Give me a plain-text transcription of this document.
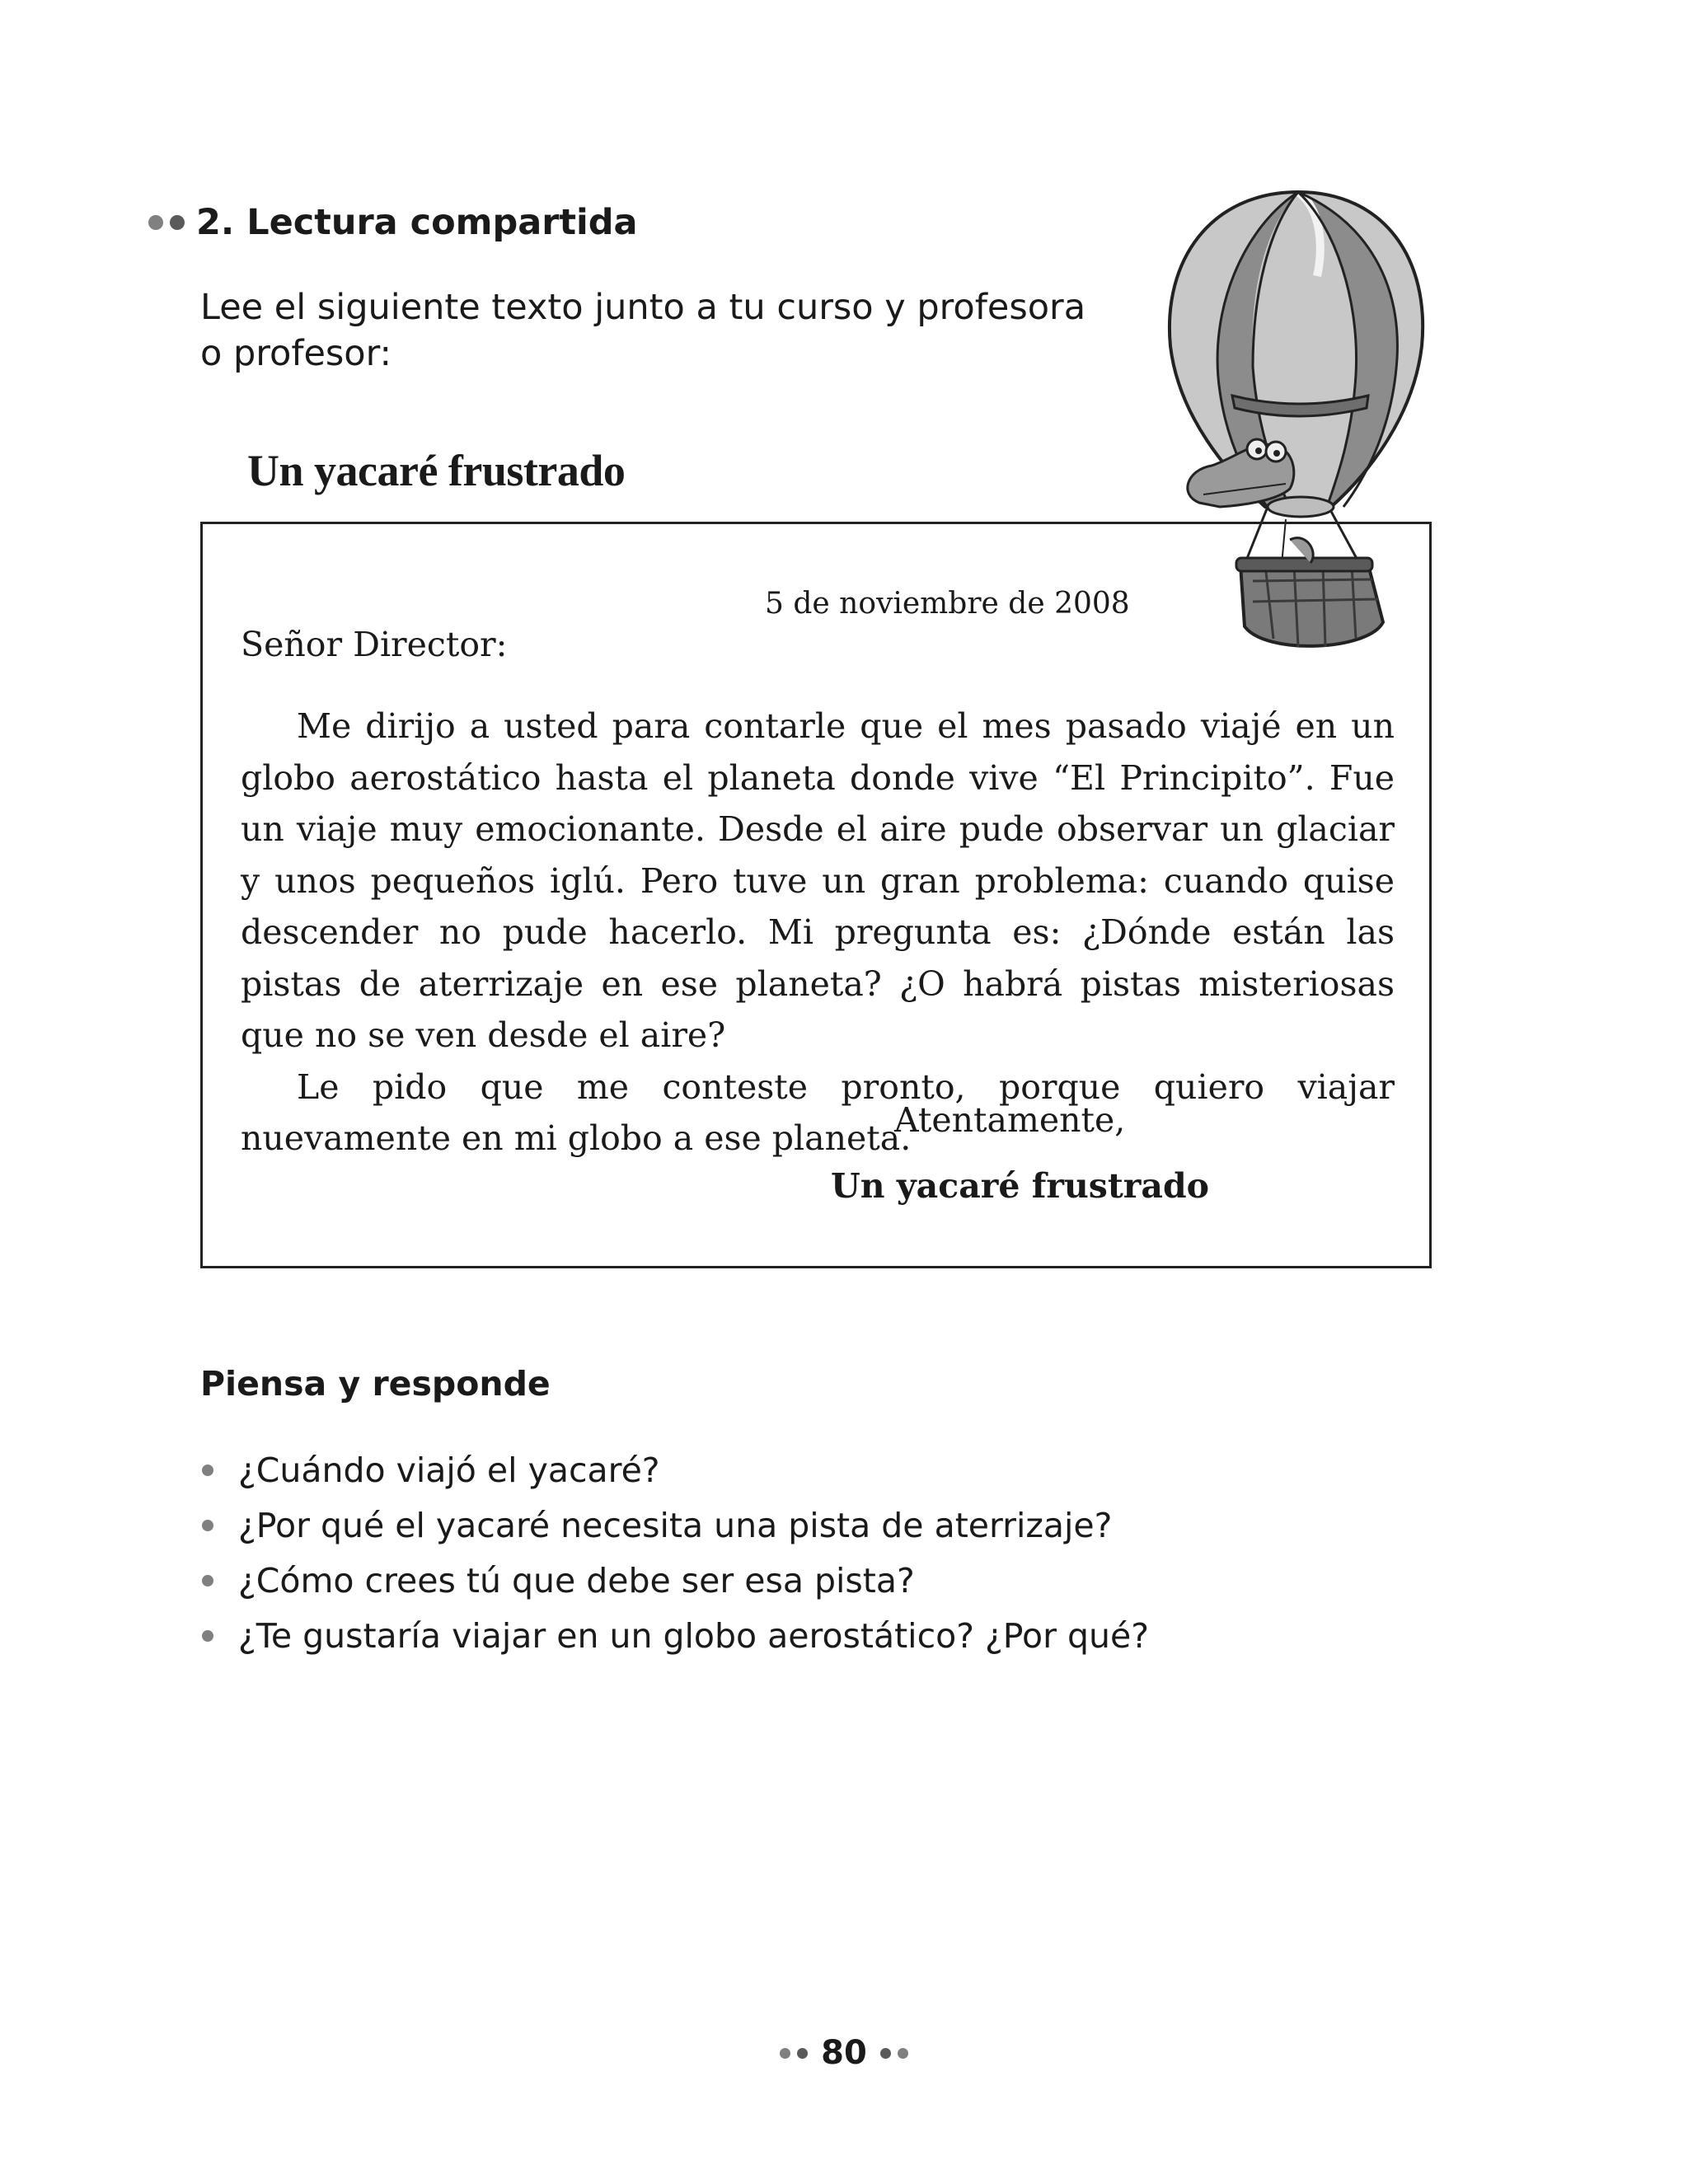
2. Lectura compartida
Lee el siguiente texto junto a tu curso y profesora o profesor:
Un yacaré frustrado
5 de noviembre de 2008
Señor Director:

Me dirijo a usted para contarle que el mes pasado viajé en un globo aerostático hasta el planeta donde vive “El Principito”. Fue un viaje muy emocionante. Desde el aire pude observar un glaciar y unos pequeños iglú. Pero tuve un gran problema: cuando quise descender no pude hacerlo. Mi pregunta es: ¿Dónde están las pistas de aterrizaje en ese planeta? ¿O habrá pistas misteriosas que no se ven desde el aire?

Le pido que me conteste pronto, porque quiero viajar nuevamente en mi globo a ese planeta.

Atentamente,
Un yacaré frustrado
Piensa y responde
¿Cuándo viajó el yacaré?
¿Por qué el yacaré necesita una pista de aterrizaje?
¿Cómo crees tú que debe ser esa pista?
¿Te gustaría viajar en un globo aerostático? ¿Por qué?
80
